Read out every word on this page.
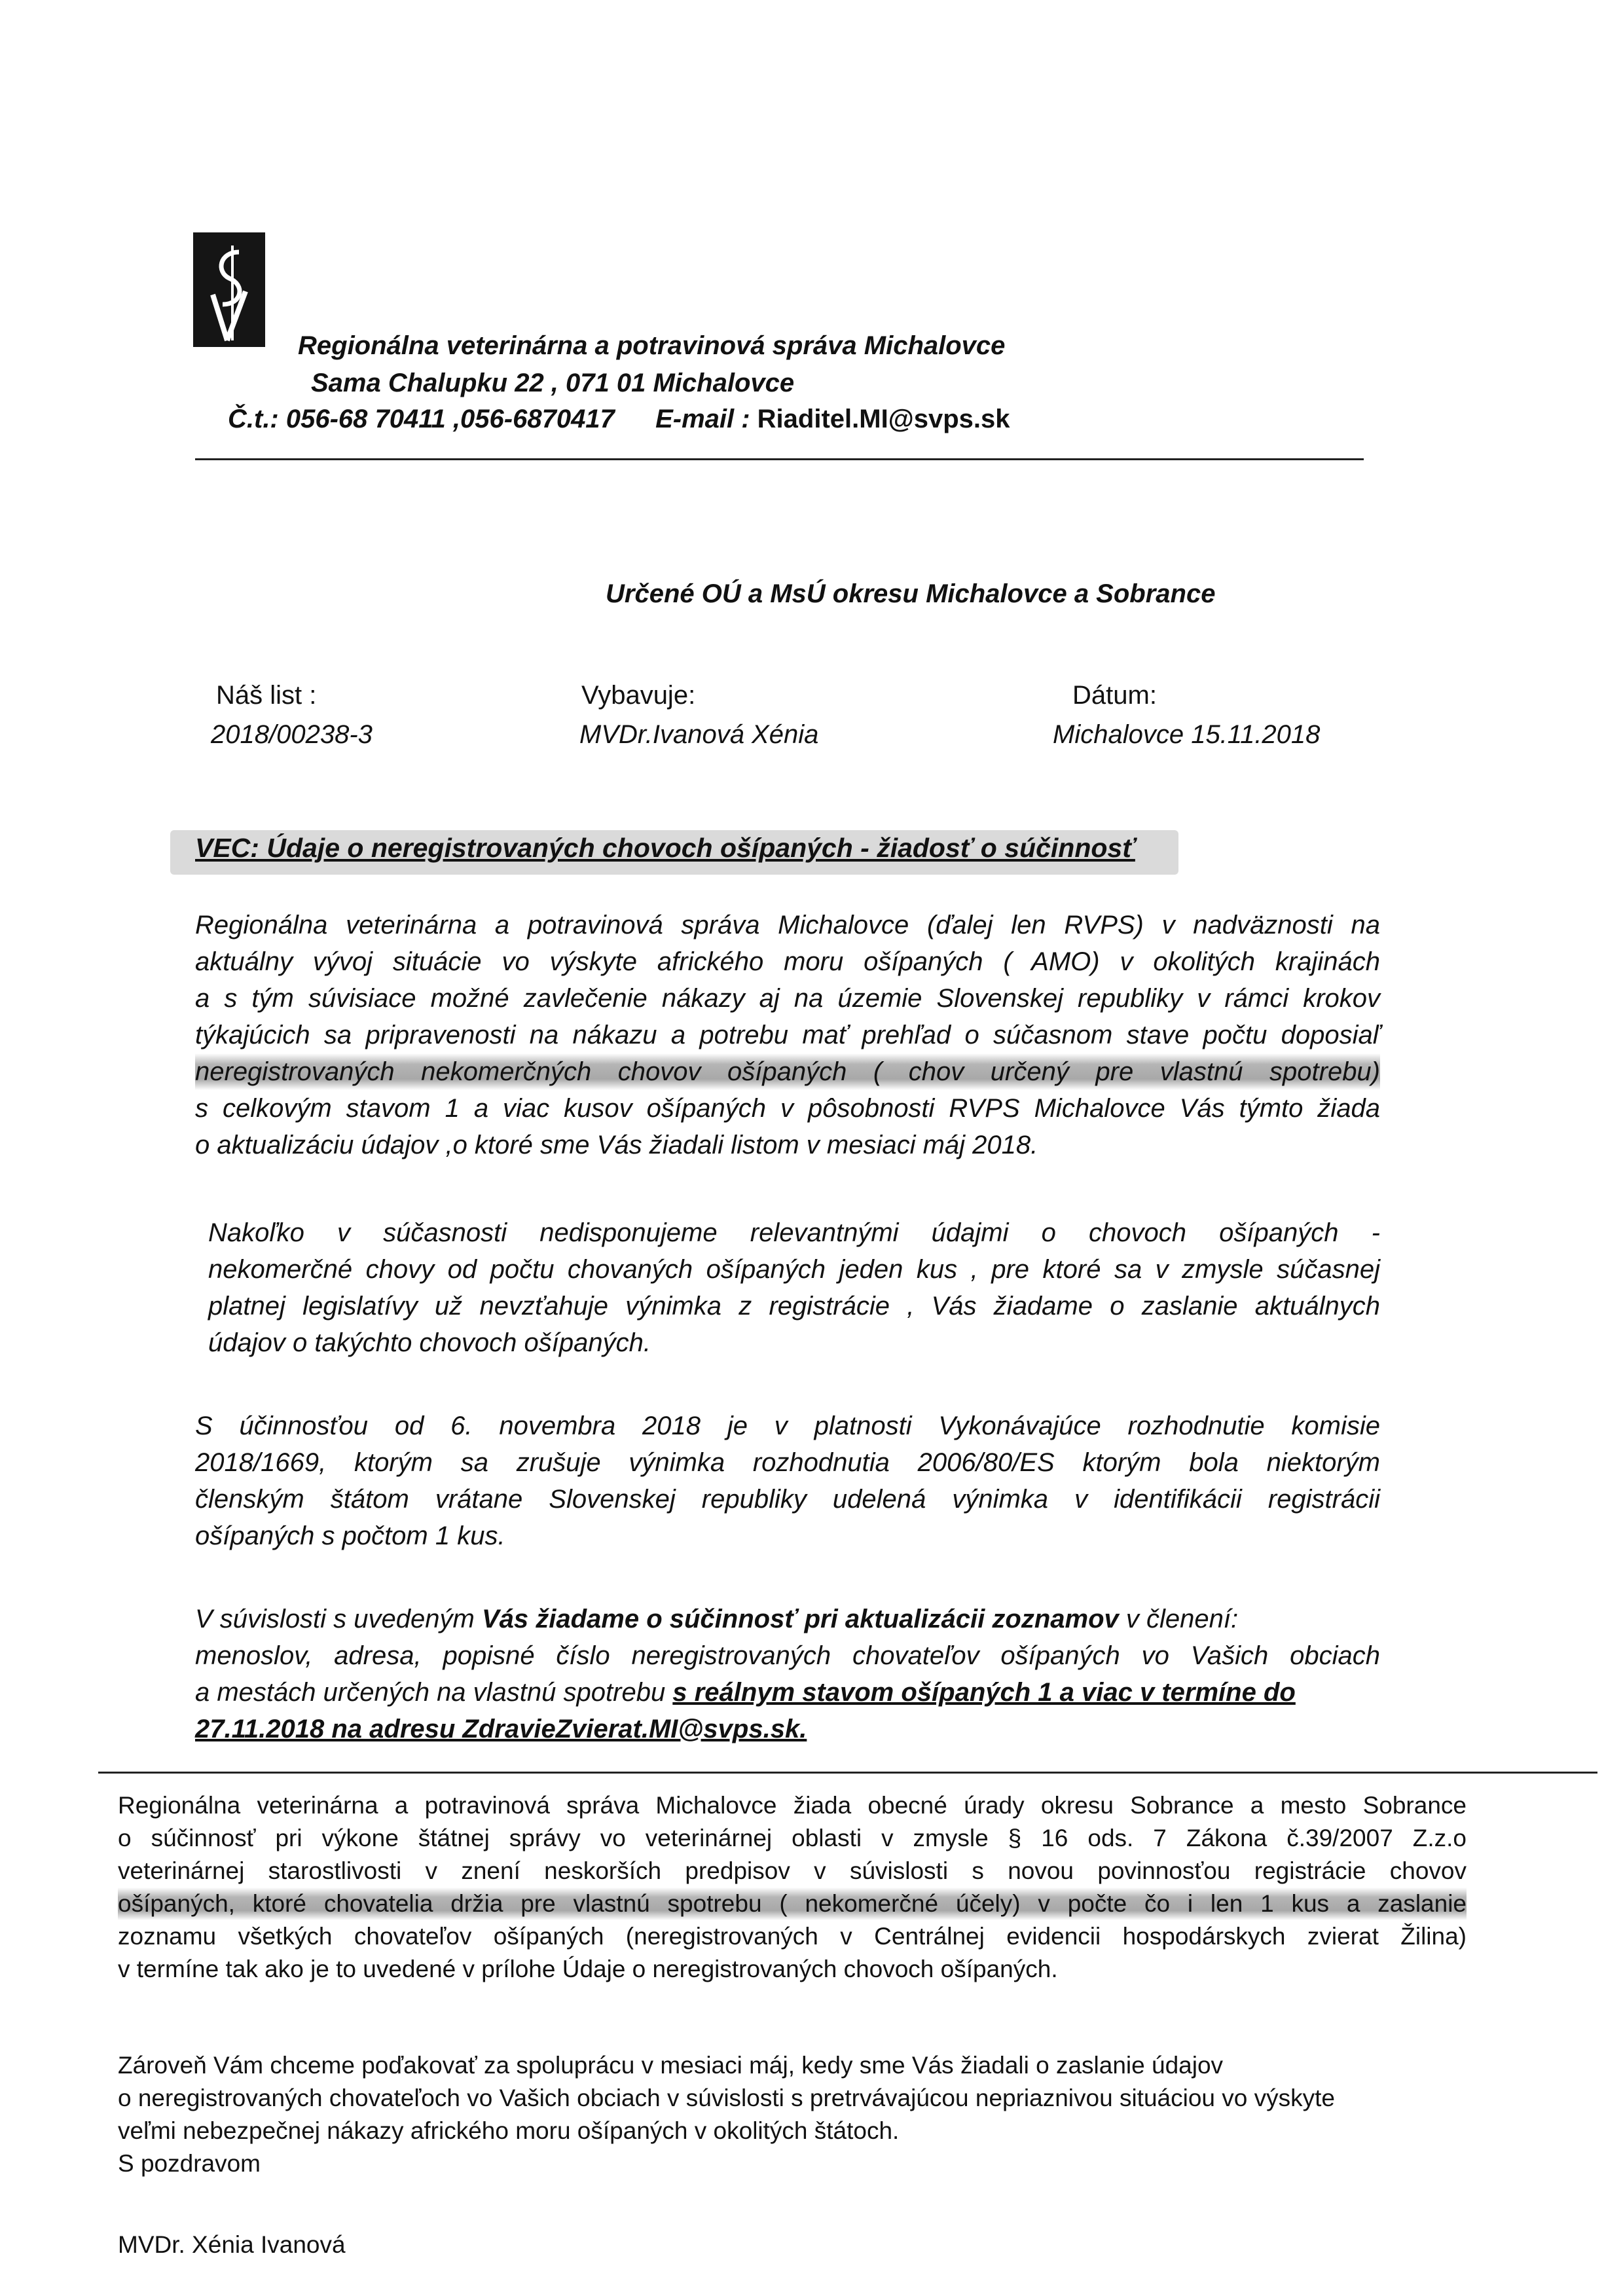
Regionálna veterinárna a potravinová správa Michalovce
Sama Chalupku 22 , 071 01 Michalovce
Č.t.: 056-68 70411 ,056-6870417 E-mail : Riaditel.MI@svps.sk
Určené OÚ a MsÚ okresu Michalovce a Sobrance
Náš list :
2018/00238-3
Vybavuje:
MVDr.Ivanová Xénia
Dátum:
Michalovce 15.11.2018
VEC: Údaje o neregistrovaných chovoch ošípaných - žiadosť o súčinnosť
Regionálna veterinárna a potravinová správa Michalovce (ďalej len RVPS) v nadväznosti na
aktuálny vývoj situácie vo výskyte afrického moru ošípaných ( AMO) v okolitých krajinách
a s tým súvisiace možné zavlečenie nákazy aj na územie Slovenskej republiky v rámci krokov
týkajúcich sa pripravenosti na nákazu a potrebu mať prehľad o súčasnom stave počtu doposiaľ
neregistrovaných nekomerčných chovov ošípaných ( chov určený pre vlastnú spotrebu)
s celkovým stavom 1 a viac kusov ošípaných v pôsobnosti RVPS Michalovce Vás týmto žiada
o aktualizáciu údajov ,o ktoré sme Vás žiadali listom v mesiaci máj 2018.
Nakoľko v súčasnosti nedisponujeme relevantnými údajmi o chovoch ošípaných -
nekomerčné chovy od počtu chovaných ošípaných jeden kus , pre ktoré sa v zmysle súčasnej
platnej legislatívy už nevzťahuje výnimka z registrácie , Vás žiadame o zaslanie aktuálnych
údajov o takýchto chovoch ošípaných.
S účinnosťou od 6. novembra 2018 je v platnosti Vykonávajúce rozhodnutie komisie
2018/1669, ktorým sa zrušuje výnimka rozhodnutia 2006/80/ES ktorým bola niektorým
členským štátom vrátane Slovenskej republiky udelená výnimka v identifikácii registrácii
ošípaných s počtom 1 kus.
V súvislosti s uvedeným Vás žiadame o súčinnosť pri aktualizácii zoznamov v členení:
menoslov, adresa, popisné číslo neregistrovaných chovateľov ošípaných vo Vašich obciach
a mestách určených na vlastnú spotrebu s reálnym stavom ošípaných 1 a viac v termíne do
27.11.2018 na adresu ZdravieZvierat.MI@svps.sk.
Regionálna veterinárna a potravinová správa Michalovce žiada obecné úrady okresu Sobrance a mesto Sobrance
o súčinnosť pri výkone štátnej správy vo veterinárnej oblasti v zmysle § 16 ods. 7 Zákona č.39/2007 Z.z.o
veterinárnej starostlivosti v znení neskorších predpisov v súvislosti s novou povinnosťou registrácie chovov
ošípaných, ktoré chovatelia držia pre vlastnú spotrebu ( nekomerčné účely) v počte čo i len 1 kus a zaslanie
zoznamu všetkých chovateľov ošípaných (neregistrovaných v Centrálnej evidencii hospodárskych zvierat Žilina)
v termíne tak ako je to uvedené v prílohe Údaje o neregistrovaných chovoch ošípaných.
Zároveň Vám chceme poďakovať za spoluprácu v mesiaci máj, kedy sme Vás žiadali o zaslanie údajov
o neregistrovaných chovateľoch vo Vašich obciach v súvislosti s pretrvávajúcou nepriaznivou situáciou vo výskyte
veľmi nebezpečnej nákazy afrického moru ošípaných v okolitých štátoch.
S pozdravom
MVDr. Xénia Ivanová
